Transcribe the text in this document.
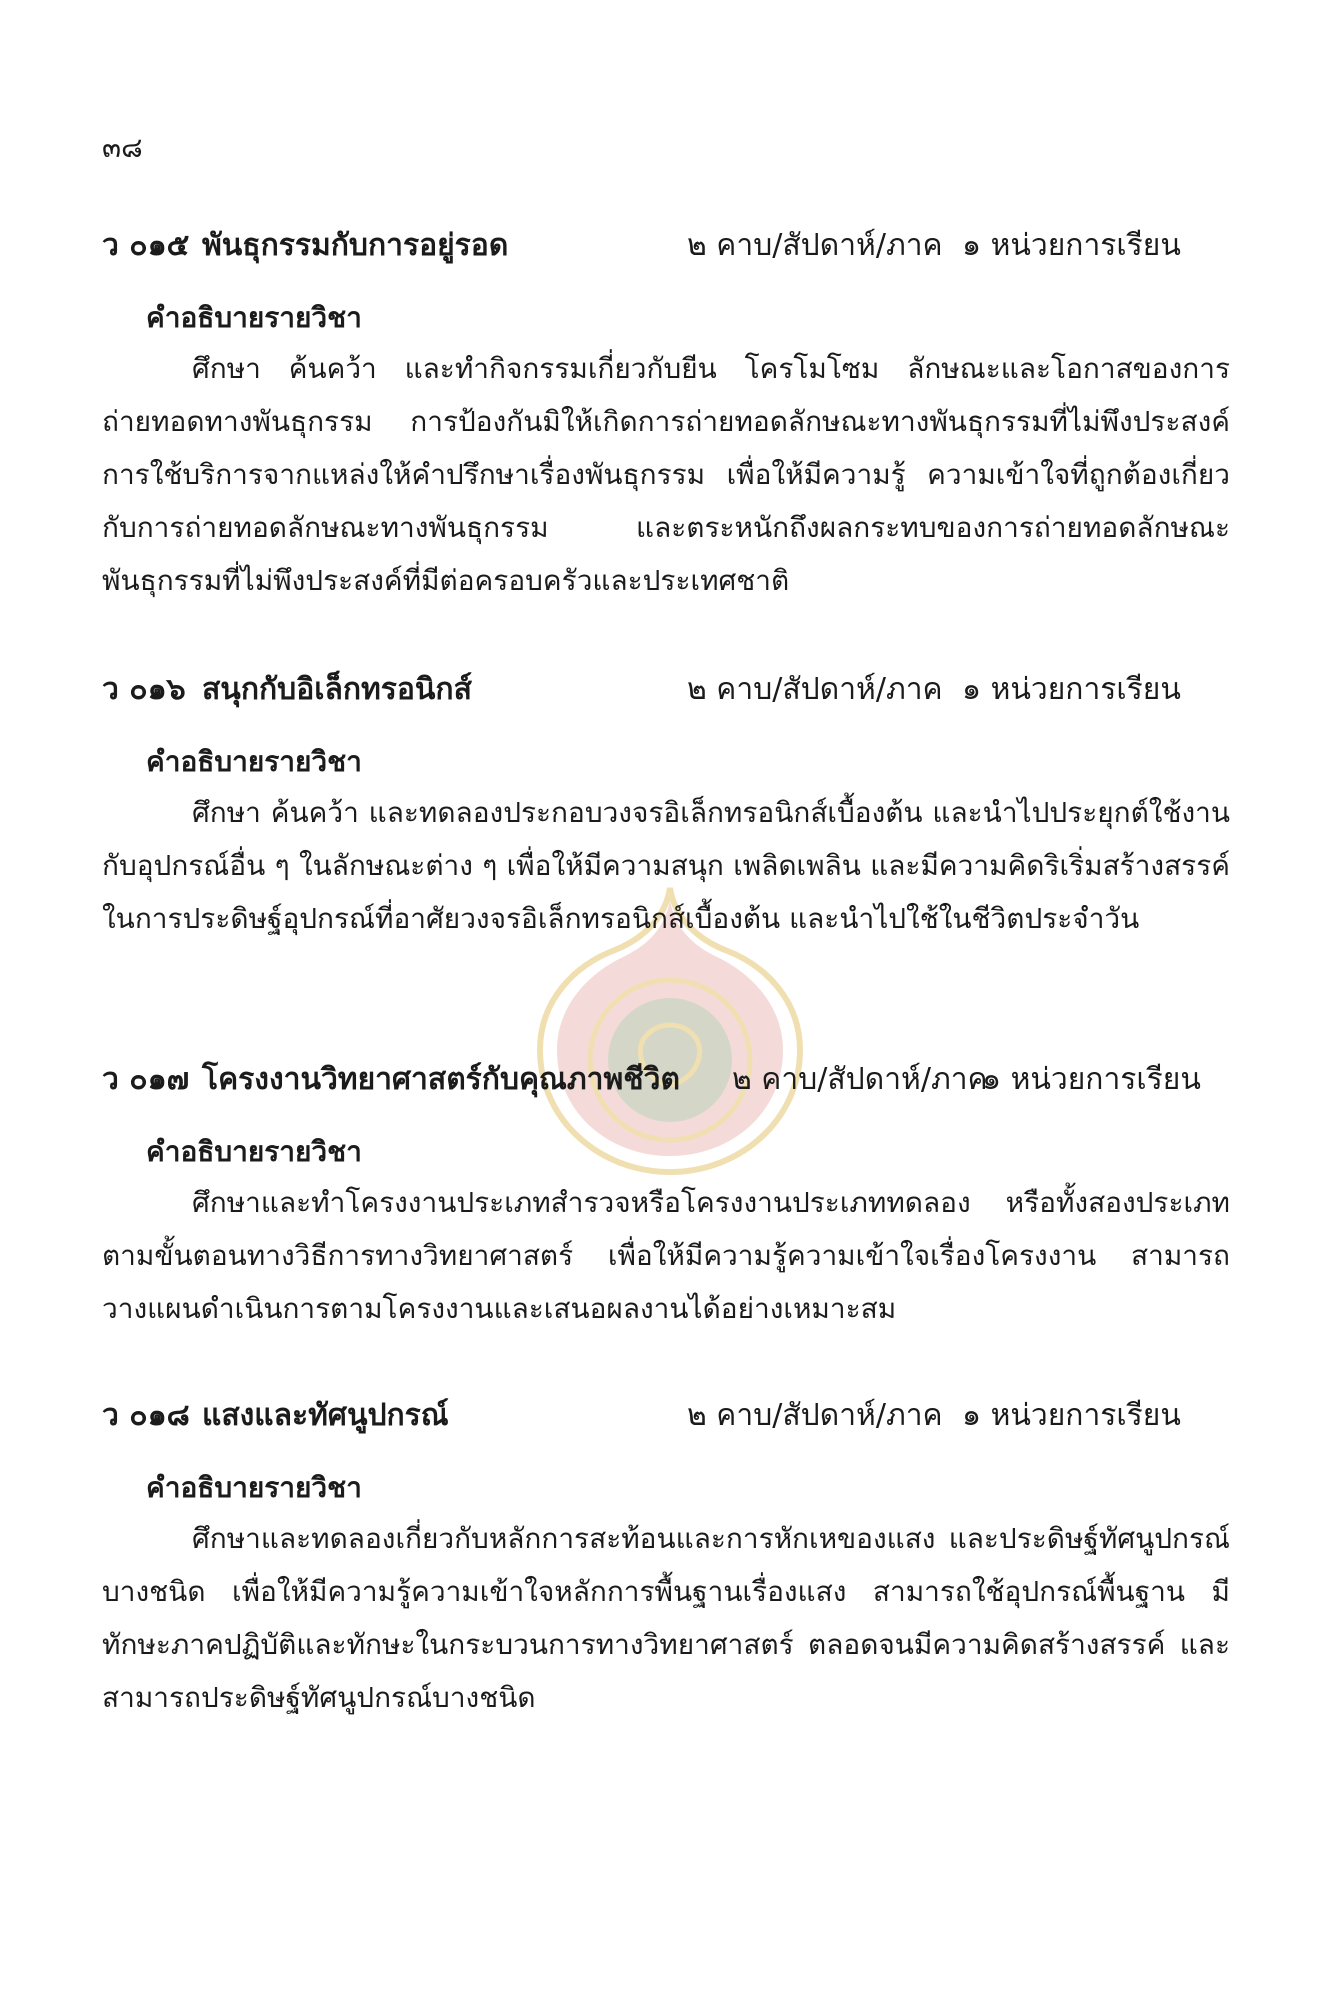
๓๘
ว ๐๑๕ พันธุกรรมกับการอยู่รอด	๒ คาบ/สัปดาห์/ภาค ๑ หน่วยการเรียน
คำอธิบายรายวิชา

ศึกษา ค้นคว้า และทำกิจกรรมเกี่ยวกับยีน โครโมโซม ลักษณะและโอกาสของการถ่ายทอดทางพันธุกรรม การป้องกันมิให้เกิดการถ่ายทอดลักษณะทางพันธุกรรมที่ไม่พึงประสงค์ การใช้บริการจากแหล่งให้คำปรึกษาเรื่องพันธุกรรม เพื่อให้มีความรู้ ความเข้าใจที่ถูกต้องเกี่ยวกับการถ่ายทอดลักษณะทางพันธุกรรม และตระหนักถึงผลกระทบของการถ่ายทอดลักษณะพันธุกรรมที่ไม่พึงประสงค์ที่มีต่อครอบครัวและประเทศชาติ

ว ๐๑๖ สนุกกับอิเล็กทรอนิกส์	๒ คาบ/สัปดาห์/ภาค ๑ หน่วยการเรียน
คำอธิบายรายวิชา

ศึกษา ค้นคว้า และทดลองประกอบวงจรอิเล็กทรอนิกส์เบื้องต้น และนำไปประยุกต์ใช้งานกับอุปกรณ์อื่น ๆ ในลักษณะต่าง ๆ เพื่อให้มีความสนุก เพลิดเพลิน และมีความคิดริเริ่มสร้างสรรค์ในการประดิษฐ์อุปกรณ์ที่อาศัยวงจรอิเล็กทรอนิกส์เบื้องต้น และนำไปใช้ในชีวิตประจำวัน

ว ๐๑๗ โครงงานวิทยาศาสตร์กับคุณภาพชีวิต ๒ คาบ/สัปดาห์/ภาค
๑ หน่วยการเรียน
คำอธิบายรายวิชา

ศึกษาและทำโครงงานประเภทสำรวจหรือโครงงานประเภททดลอง หรือทั้งสองประเภทตามขั้นตอนทางวิธีการทางวิทยาศาสตร์ เพื่อให้มีความรู้ความเข้าใจเรื่องโครงงาน สามารถวางแผนดำเนินการตามโครงงานและเสนอผลงานได้อย่างเหมาะสม

ว ๐๑๘ แสงและทัศนูปกรณ์	๒ คาบ/สัปดาห์/ภาค ๑ หน่วยการเรียน
คำอธิบายรายวิชา

ศึกษาและทดลองเกี่ยวกับหลักการสะท้อนและการหักเหของแสง และประดิษฐ์ทัศนูปกรณ์บางชนิด เพื่อให้มีความรู้ความเข้าใจหลักการพื้นฐานเรื่องแสง สามารถใช้อุปกรณ์พื้นฐาน มีทักษะภาคปฏิบัติและทักษะในกระบวนการทางวิทยาศาสตร์ ตลอดจนมีความคิดสร้างสรรค์ และสามารถประดิษฐ์ทัศนูปกรณ์บางชนิด
